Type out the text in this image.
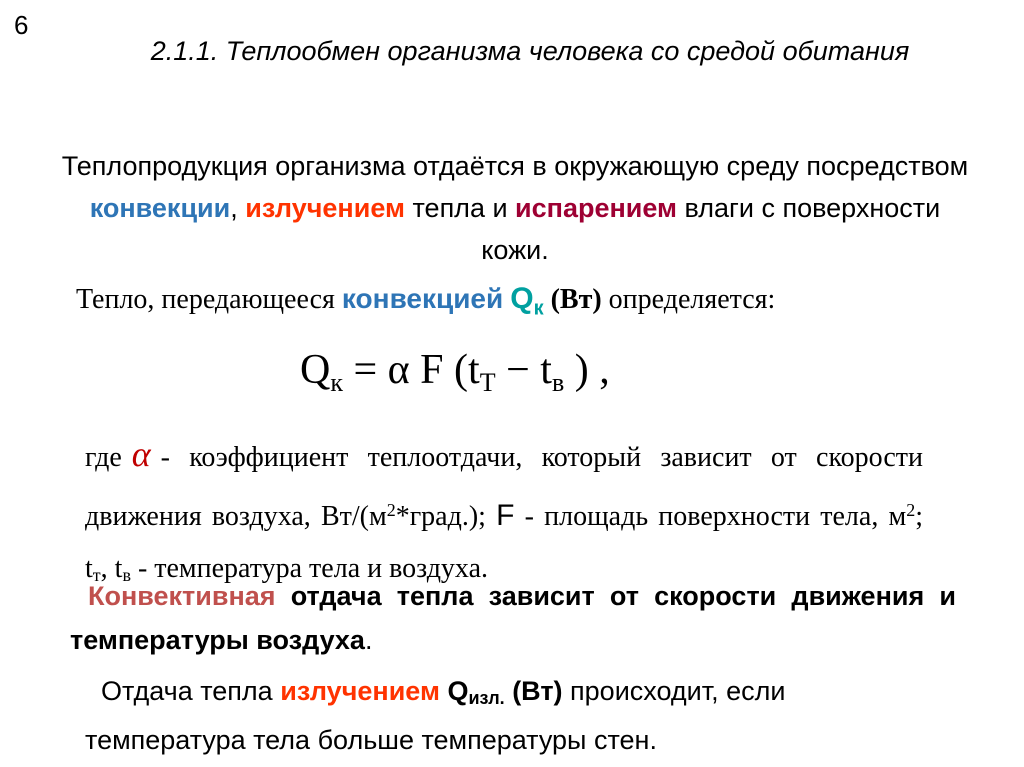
6
2.1.1. Теплообмен организма человека со средой обитания
Теплопродукция организма отдаётся в окружающую среду посредством конвекции, излучением тепла и испарением влаги с поверхности кожи.
Тепло, передающееся конвекцией $Q_к$ (Вт) определяется:
$Q_к = \alpha$ F ($t_Т - t_в$ ) ,
где α - коэффициент теплоотдачи, который зависит от скорости движения воздуха, $Вт/(м^2*град.)$; F - площадь поверхности тела, $м^2$; $t_т$, $t_в$ - температура тела и воздуха.
Конвективная отдача тепла зависит от скорости движения и температуры воздуха.
Отдача тепла излучением $Q_{изл.}$ (Вт) происходит, если температура тела больше температуры стен.
